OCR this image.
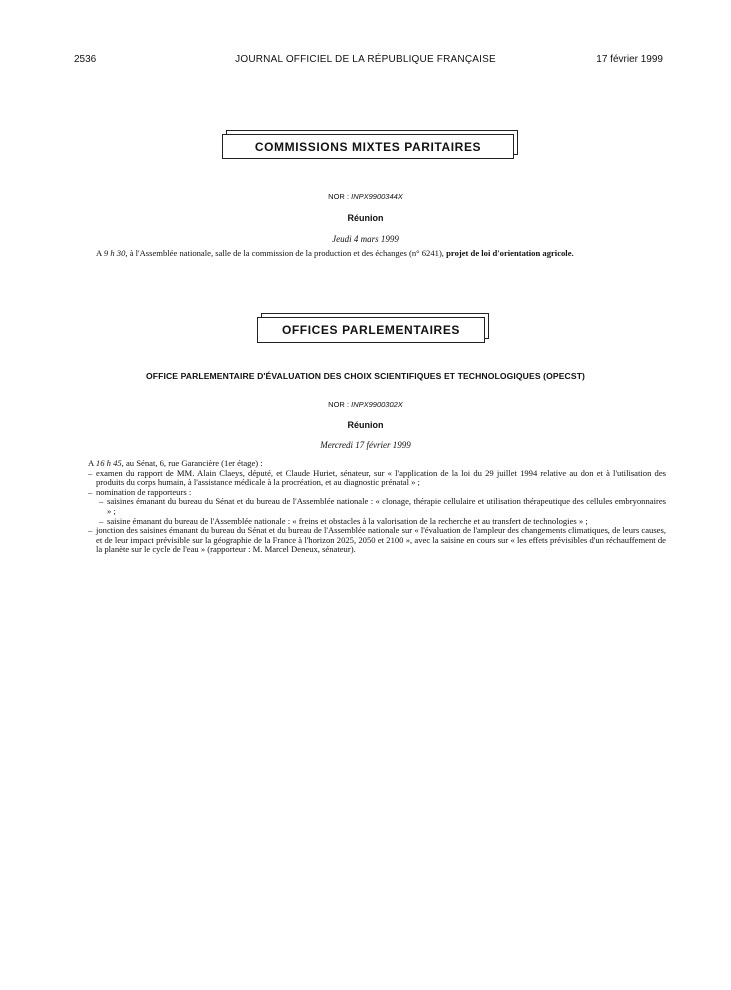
2536	JOURNAL OFFICIEL DE LA RÉPUBLIQUE FRANÇAISE	17 février 1999
COMMISSIONS MIXTES PARITAIRES
NOR : INPX9900344X
Réunion
Jeudi 4 mars 1999
A 9 h 30, à l'Assemblée nationale, salle de la commission de la production et des échanges (n° 6241), projet de loi d'orientation agricole.
OFFICES PARLEMENTAIRES
OFFICE PARLEMENTAIRE D'ÉVALUATION DES CHOIX SCIENTIFIQUES ET TECHNOLOGIQUES (OPECST)
NOR : INPX9900302X
Réunion
Mercredi 17 février 1999
A 16 h 45, au Sénat, 6, rue Garancière (1er étage) :
– examen du rapport de MM. Alain Claeys, député, et Claude Huriet, sénateur, sur « l'application de la loi du 29 juillet 1994 relative au don et à l'utilisation des produits du corps humain, à l'assistance médicale à la procréation, et au diagnostic prénatal » ;
– nomination de rapporteurs :
– saisines émanant du bureau du Sénat et du bureau de l'Assemblée nationale : « clonage, thérapie cellulaire et utilisation thérapeutique des cellules embryonnaires » ;
– saisine émanant du bureau de l'Assemblée nationale : « freins et obstacles à la valorisation de la recherche et au transfert de technologies » ;
– jonction des saisines émanant du bureau du Sénat et du bureau de l'Assemblée nationale sur « l'évaluation de l'ampleur des changements climatiques, de leurs causes, et de leur impact prévisible sur la géographie de la France à l'horizon 2025, 2050 et 2100 », avec la saisine en cours sur « les effets prévisibles d'un réchauffement de la planète sur le cycle de l'eau » (rapporteur : M. Marcel Deneux, sénateur).
